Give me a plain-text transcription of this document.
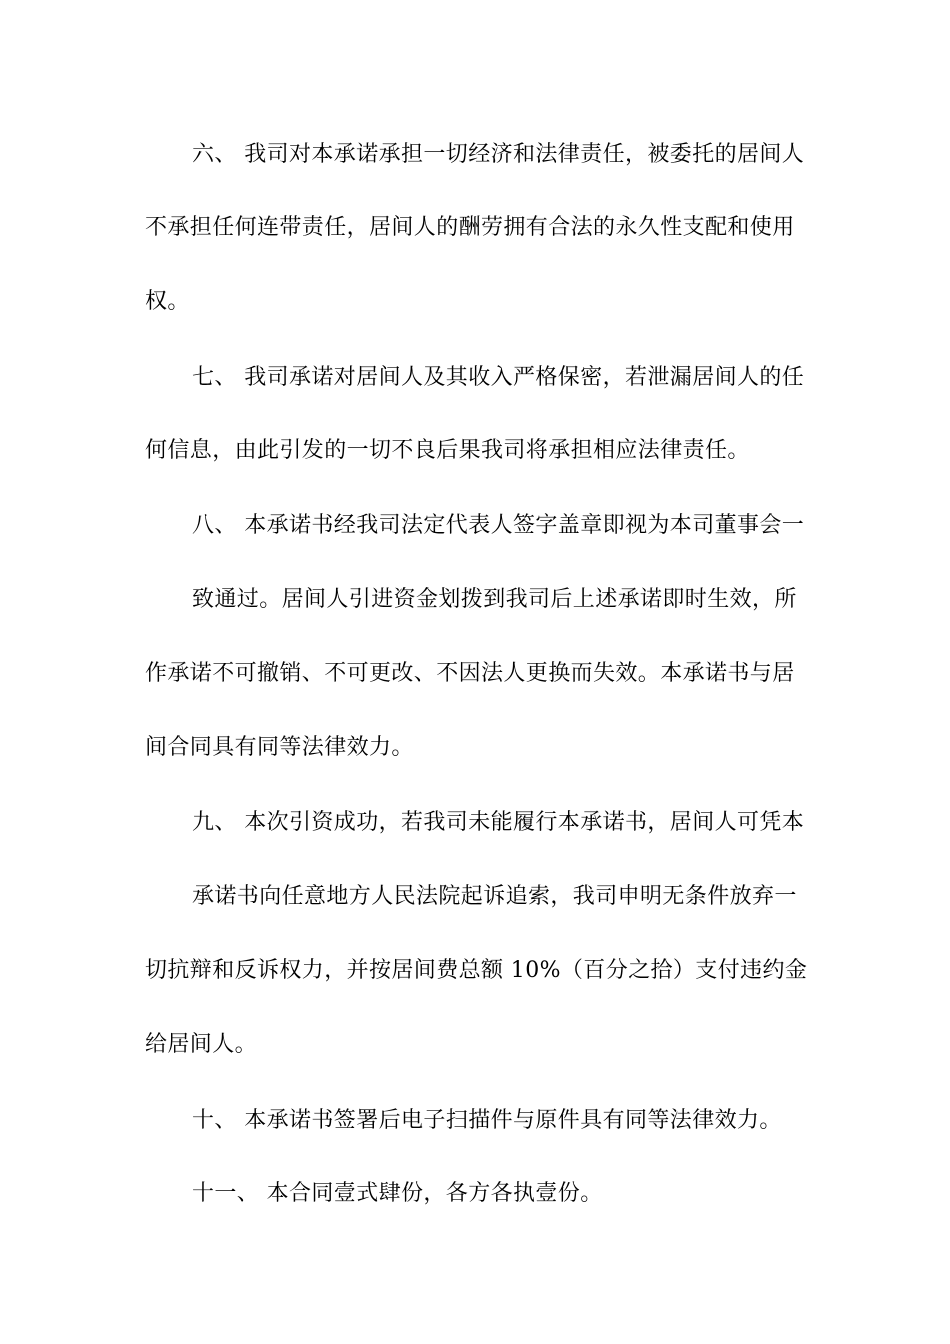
六、 我司对本承诺承担一切经济和法律责任，被委托的居间人
不承担任何连带责任，居间人的酬劳拥有合法的永久性支配和使用
权。
七、 我司承诺对居间人及其收入严格保密，若泄漏居间人的任
何信息，由此引发的一切不良后果我司将承担相应法律责任。
八、 本承诺书经我司法定代表人签字盖章即视为本司董事会一
致通过。居间人引进资金划拨到我司后上述承诺即时生效，所
作承诺不可撤销、不可更改、不因法人更换而失效。本承诺书与居
间合同具有同等法律效力。
九、 本次引资成功，若我司未能履行本承诺书，居间人可凭本
承诺书向任意地方人民法院起诉追索，我司申明无条件放弃一
切抗辩和反诉权力，并按居间费总额 10%（百分之拾）支付违约金
给居间人。
十、 本承诺书签署后电子扫描件与原件具有同等法律效力。
十一、 本合同壹式肆份，各方各执壹份。
